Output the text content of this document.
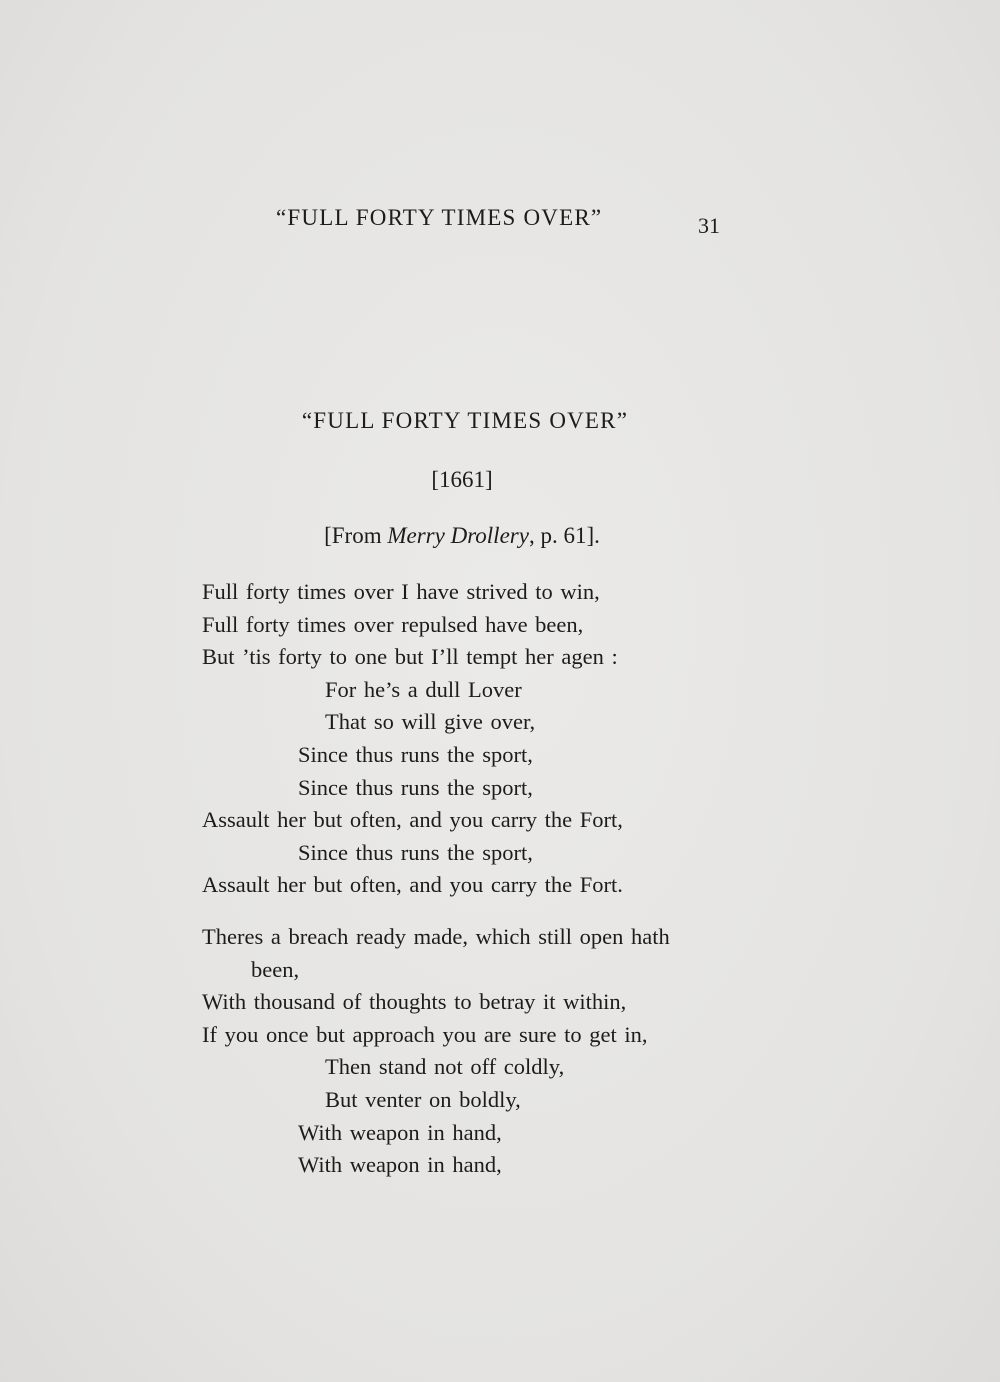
“FULL FORTY TIMES OVER”	31
“FULL FORTY TIMES OVER”
[1661]
[From Merry Drollery, p. 61].
Full forty times over I have strived to win,
Full forty times over repulsed have been,
But ’tis forty to one but I’ll tempt her agen :
For he’s a dull Lover
That so will give over,
Since thus runs the sport,
Since thus runs the sport,
Assault her but often, and you carry the Fort,
Since thus runs the sport,
Assault her but often, and you carry the Fort.
Theres a breach ready made, which still open hath
been,
With thousand of thoughts to betray it within,
If you once but approach you are sure to get in,
Then stand not off coldly,
But venter on boldly,
With weapon in hand,
With weapon in hand,
